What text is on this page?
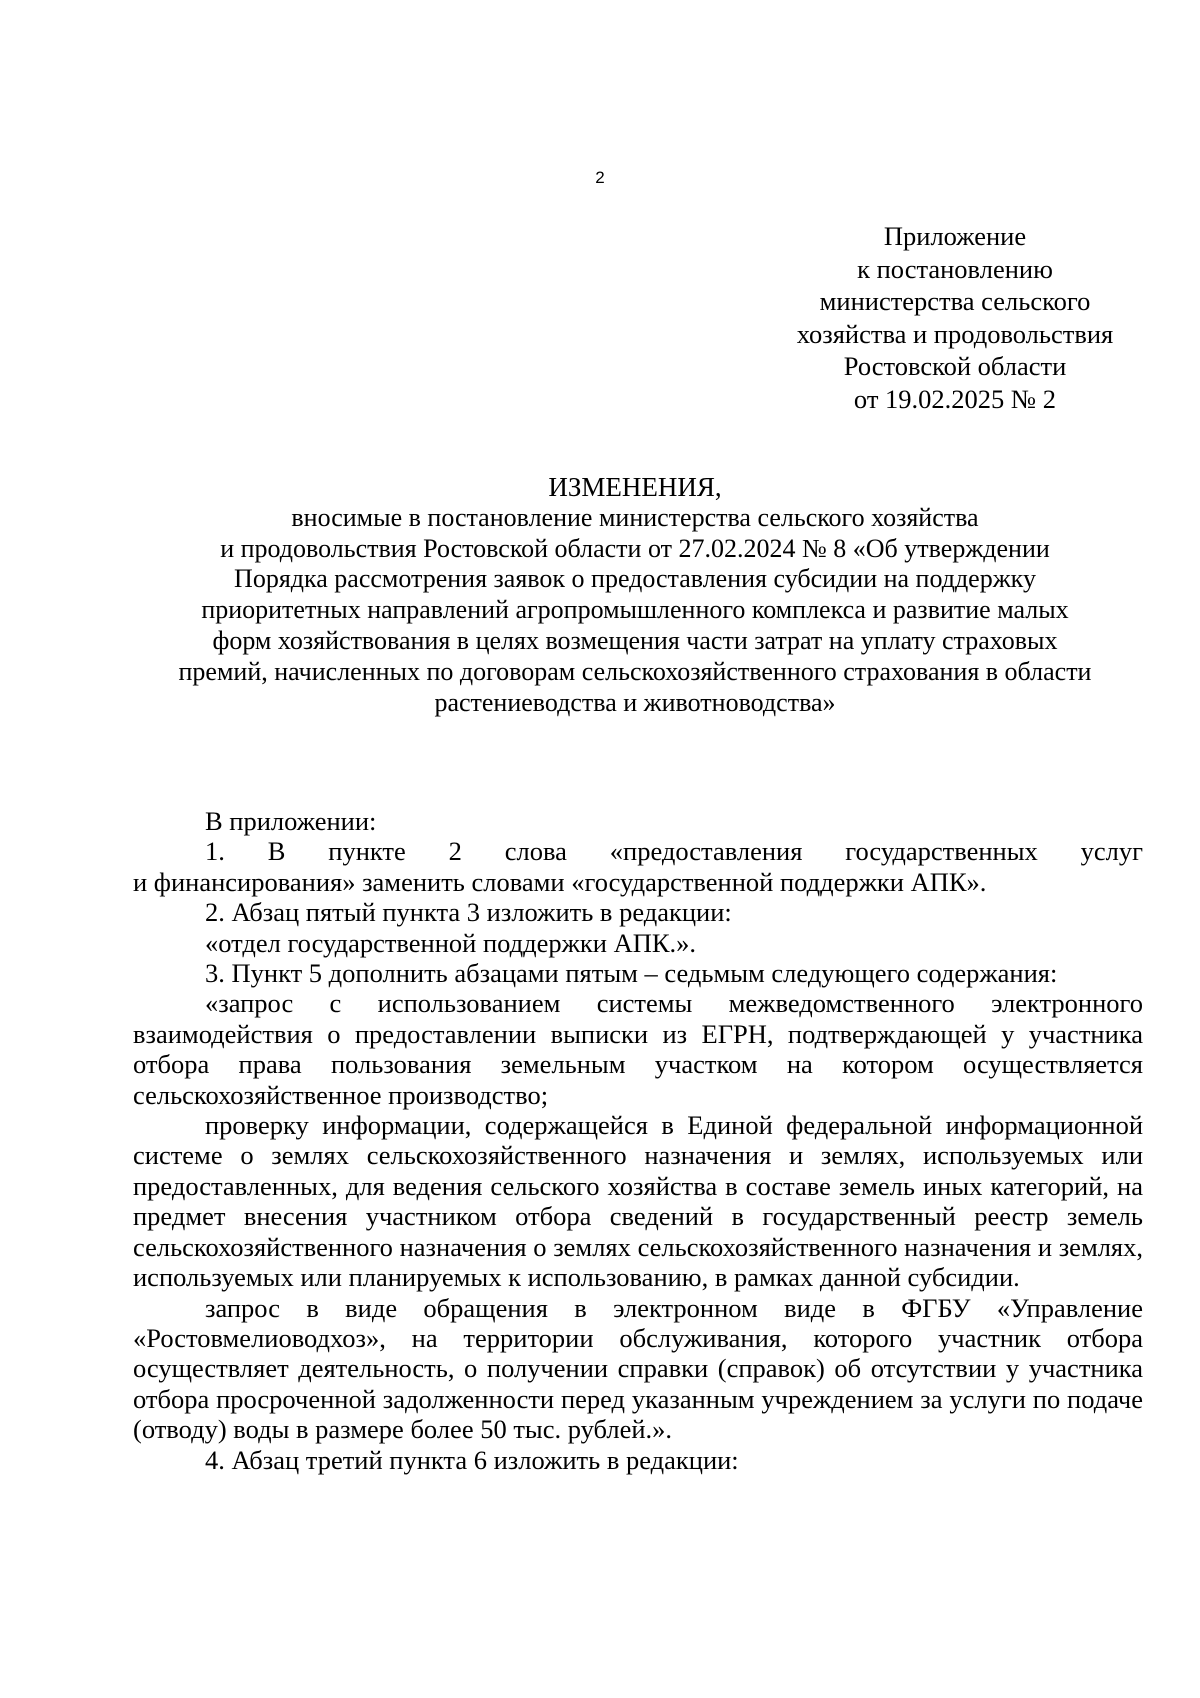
2
Приложение
к постановлению
министерства сельского
хозяйства и продовольствия
Ростовской области
от 19.02.2025 № 2
ИЗМЕНЕНИЯ,
вносимые в постановление министерства сельского хозяйства
и продовольствия Ростовской области от 27.02.2024 № 8 «Об утверждении
Порядка рассмотрения заявок о предоставления субсидии на поддержку
приоритетных направлений агропромышленного комплекса и развитие малых
форм хозяйствования в целях возмещения части затрат на уплату страховых
премий, начисленных по договорам сельскохозяйственного страхования в области
растениеводства и животноводства»

В приложении:

1. В пункте 2 слова «предоставления государственных услуг

и финансирования» заменить словами «государственной поддержки АПК».

2. Абзац пятый пункта 3 изложить в редакции:

«отдел государственной поддержки АПК.».

3. Пункт 5 дополнить абзацами пятым – седьмым следующего содержания:

«запрос с использованием системы межведомственного электронного взаимодействия о предоставлении выписки из ЕГРН, подтверждающей у участника отбора права пользования земельным участком на котором осуществляется сельскохозяйственное производство;

проверку информации, содержащейся в Единой федеральной информационной системе о землях сельскохозяйственного назначения и землях, используемых или предоставленных, для ведения сельского хозяйства в составе земель иных категорий, на предмет внесения участником отбора сведений в государственный реестр земель сельскохозяйственного назначения о землях сельскохозяйственного назначения и землях, используемых или планируемых к использованию, в рамках данной субсидии.

запрос в виде обращения в электронном виде в ФГБУ «Управление «Ростовмелиоводхоз», на территории обслуживания, которого участник отбора осуществляет деятельность, о получении справки (справок) об отсутствии у участника отбора просроченной задолженности перед указанным учреждением за услуги по подаче (отводу) воды в размере более 50 тыс. рублей.».

4. Абзац третий пункта 6 изложить в редакции:
